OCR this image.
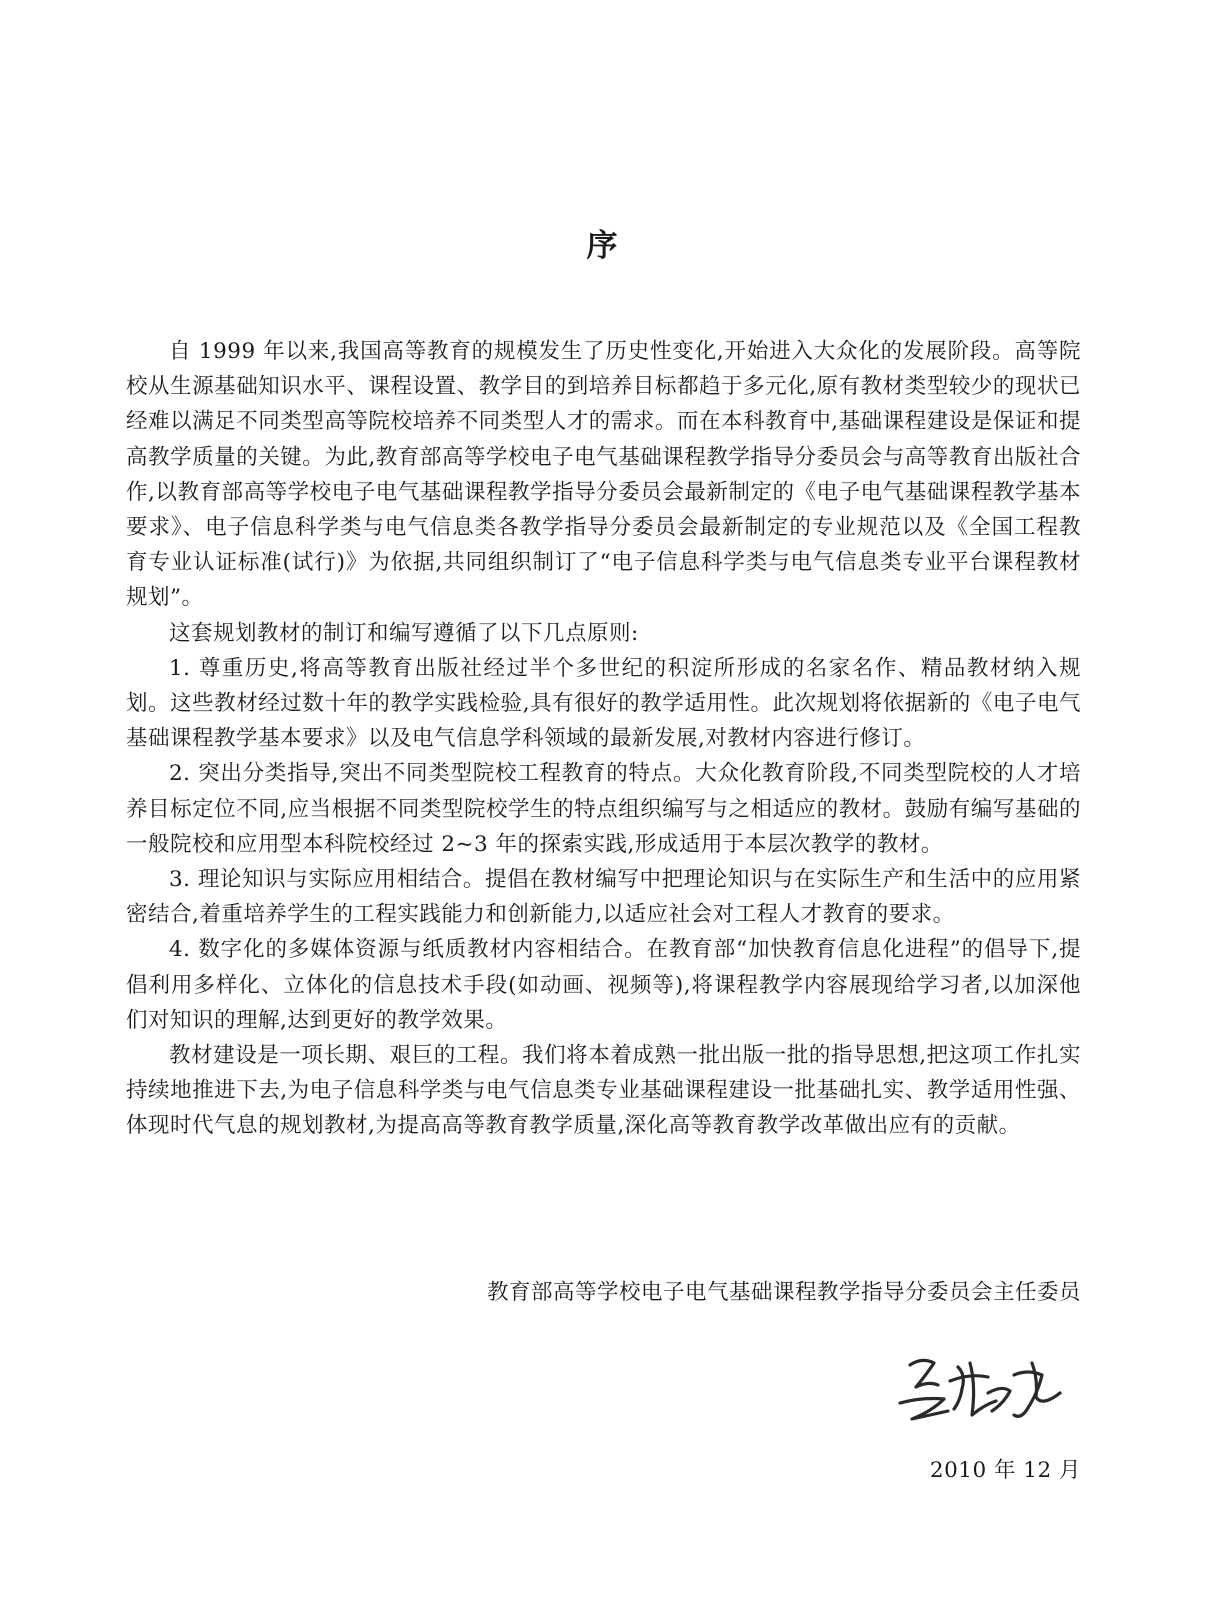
序

自 1999 年以来,我国高等教育的规模发生了历史性变化,开始进入大众化的发展阶段。高等院校从生源基础知识水平、课程设置、教学目的到培养目标都趋于多元化,原有教材类型较少的现状已经难以满足不同类型高等院校培养不同类型人才的需求。而在本科教育中,基础课程建设是保证和提高教学质量的关键。为此,教育部高等学校电子电气基础课程教学指导分委员会与高等教育出版社合作,以教育部高等学校电子电气基础课程教学指导分委员会最新制定的《电子电气基础课程教学基本要求》、电子信息科学类与电气信息类各教学指导分委员会最新制定的专业规范以及《全国工程教育专业认证标准(试行)》为依据,共同组织制订了“电子信息科学类与电气信息类专业平台课程教材规划”。

这套规划教材的制订和编写遵循了以下几点原则:

1. 尊重历史,将高等教育出版社经过半个多世纪的积淀所形成的名家名作、精品教材纳入规划。这些教材经过数十年的教学实践检验,具有很好的教学适用性。此次规划将依据新的《电子电气基础课程教学基本要求》以及电气信息学科领域的最新发展,对教材内容进行修订。

2. 突出分类指导,突出不同类型院校工程教育的特点。大众化教育阶段,不同类型院校的人才培养目标定位不同,应当根据不同类型院校学生的特点组织编写与之相适应的教材。鼓励有编写基础的一般院校和应用型本科院校经过 2~3 年的探索实践,形成适用于本层次教学的教材。

3. 理论知识与实际应用相结合。提倡在教材编写中把理论知识与在实际生产和生活中的应用紧密结合,着重培养学生的工程实践能力和创新能力,以适应社会对工程人才教育的要求。

4. 数字化的多媒体资源与纸质教材内容相结合。在教育部“加快教育信息化进程”的倡导下,提倡利用多样化、立体化的信息技术手段(如动画、视频等),将课程教学内容展现给学习者,以加深他们对知识的理解,达到更好的教学效果。

教材建设是一项长期、艰巨的工程。我们将本着成熟一批出版一批的指导思想,把这项工作扎实持续地推进下去,为电子信息科学类与电气信息类专业基础课程建设一批基础扎实、教学适用性强、体现时代气息的规划教材,为提高高等教育教学质量,深化高等教育教学改革做出应有的贡献。

教育部高等学校电子电气基础课程教学指导分委员会主任委员
2010 年 12 月
